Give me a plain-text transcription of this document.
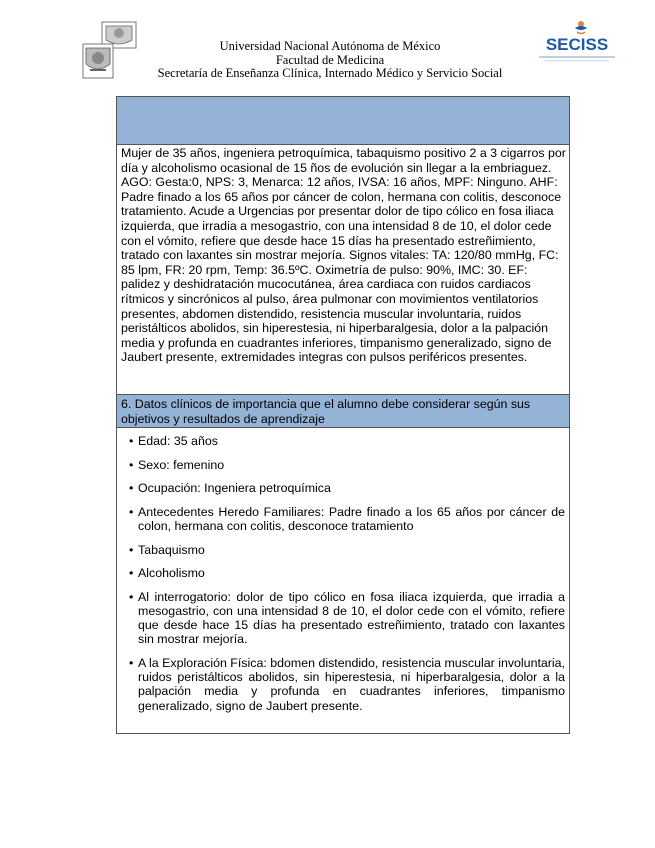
Universidad Nacional Autónoma de México
Facultad de Medicina
Secretaría de Enseñanza Clínica, Internado Médico y Servicio Social
SECISS
Mujer de 35 años, ingeniera petroquímica, tabaquismo positivo 2 a 3 cigarros por día y alcoholismo ocasional de 15 ños de evolución sin llegar a la embriaguez. AGO: Gesta:0, NPS: 3, Menarca: 12 años, IVSA: 16 años, MPF: Ninguno. AHF: Padre finado a los 65 años por cáncer de colon, hermana con colitis, desconoce tratamiento. Acude a Urgencias por presentar dolor de tipo cólico en fosa iliaca izquierda, que irradia a mesogastrio, con una intensidad 8 de 10, el dolor cede con el vómito, refiere que desde hace 15 días ha presentado estreñimiento, tratado con laxantes sin mostrar mejoría. Signos vitales: TA: 120/80 mmHg, FC: 85 lpm, FR: 20 rpm, Temp: 36.5ºC. Oximetría de pulso: 90%, IMC: 30. EF: palidez y deshidratación mucocutánea, área cardiaca con ruidos cardiacos rítmicos y sincrónicos al pulso, área pulmonar con movimientos ventilatorios presentes, abdomen distendido, resistencia muscular involuntaria, ruidos peristálticos abolidos, sin hiperestesia, ni hiperbaralgesia, dolor a la palpación media y profunda en cuadrantes inferiores, timpanismo generalizado, signo de Jaubert presente, extremidades integras con pulsos periféricos presentes.
6. Datos clínicos de importancia que el alumno debe considerar según sus objetivos y resultados de aprendizaje
• Edad: 35 años
• Sexo: femenino
• Ocupación: Ingeniera petroquímica
• Antecedentes Heredo Familiares: Padre finado a los 65 años por cáncer de colon, hermana con colitis, desconoce tratamiento
• Tabaquismo
• Alcoholismo
• Al interrogatorio: dolor de tipo cólico en fosa iliaca izquierda, que irradia a mesogastrio, con una intensidad 8 de 10, el dolor cede con el vómito, refiere que desde hace 15 días ha presentado estreñimiento, tratado con laxantes sin mostrar mejoría.
• A la Exploración Física: bdomen distendido, resistencia muscular involuntaria, ruidos peristálticos abolidos, sin hiperestesia, ni hiperbaralgesia, dolor a la palpación media y profunda en cuadrantes inferiores, timpanismo generalizado, signo de Jaubert presente.
